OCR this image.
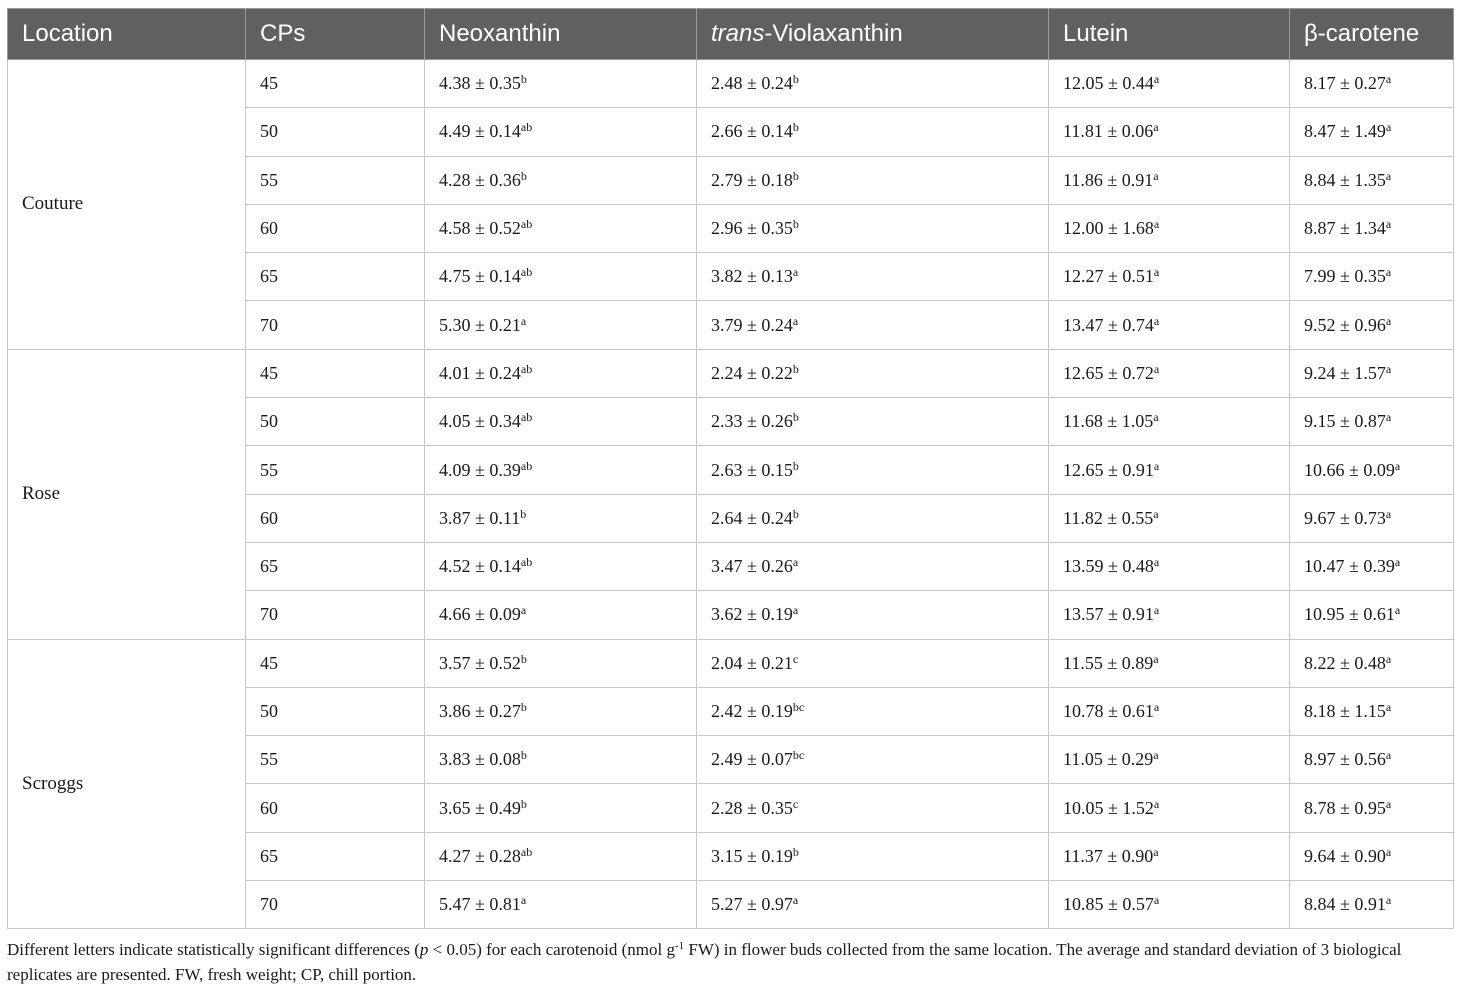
Location	CPs	Neoxanthin	trans-Violaxanthin	Lutein	β-carotene
Couture	45	4.38 ± 0.35$^b$	2.48 ± 0.24$^b$	12.05 ± 0.44$^a$	8.17 ± 0.27$^a$
	50	4.49 ± 0.14$^{ab}$	2.66 ± 0.14$^b$	11.81 ± 0.06$^a$	8.47 ± 1.49$^a$
	55	4.28 ± 0.36$^b$	2.79 ± 0.18$^b$	11.86 ± 0.91$^a$	8.84 ± 1.35$^a$
	60	4.58 ± 0.52$^{ab}$	2.96 ± 0.35$^b$	12.00 ± 1.68$^a$	8.87 ± 1.34$^a$
	65	4.75 ± 0.14$^{ab}$	3.82 ± 0.13$^a$	12.27 ± 0.51$^a$	7.99 ± 0.35$^a$
	70	5.30 ± 0.21$^a$	3.79 ± 0.24$^a$	13.47 ± 0.74$^a$	9.52 ± 0.96$^a$
Rose	45	4.01 ± 0.24$^{ab}$	2.24 ± 0.22$^b$	12.65 ± 0.72$^a$	9.24 ± 1.57$^a$
	50	4.05 ± 0.34$^{ab}$	2.33 ± 0.26$^b$	11.68 ± 1.05$^a$	9.15 ± 0.87$^a$
	55	4.09 ± 0.39$^{ab}$	2.63 ± 0.15$^b$	12.65 ± 0.91$^a$	10.66 ± 0.09$^a$
	60	3.87 ± 0.11$^b$	2.64 ± 0.24$^b$	11.82 ± 0.55$^a$	9.67 ± 0.73$^a$
	65	4.52 ± 0.14$^{ab}$	3.47 ± 0.26$^a$	13.59 ± 0.48$^a$	10.47 ± 0.39$^a$
	70	4.66 ± 0.09$^a$	3.62 ± 0.19$^a$	13.57 ± 0.91$^a$	10.95 ± 0.61$^a$
Scroggs	45	3.57 ± 0.52$^b$	2.04 ± 0.21$^c$	11.55 ± 0.89$^a$	8.22 ± 0.48$^a$
	50	3.86 ± 0.27$^b$	2.42 ± 0.19$^{bc}$	10.78 ± 0.61$^a$	8.18 ± 1.15$^a$
	55	3.83 ± 0.08$^b$	2.49 ± 0.07$^{bc}$	11.05 ± 0.29$^a$	8.97 ± 0.56$^a$
	60	3.65 ± 0.49$^b$	2.28 ± 0.35$^c$	10.05 ± 1.52$^a$	8.78 ± 0.95$^a$
	65	4.27 ± 0.28$^{ab}$	3.15 ± 0.19$^b$	11.37 ± 0.90$^a$	9.64 ± 0.90$^a$
	70	5.47 ± 0.81$^a$	5.27 ± 0.97$^a$	10.85 ± 0.57$^a$	8.84 ± 0.91$^a$
Different letters indicate statistically significant differences (p < 0.05) for each carotenoid (nmol $g^{-1}$ FW) in flower buds collected from the same location. The average and standard deviation of 3 biological replicates are presented. FW, fresh weight; CP, chill portion.
